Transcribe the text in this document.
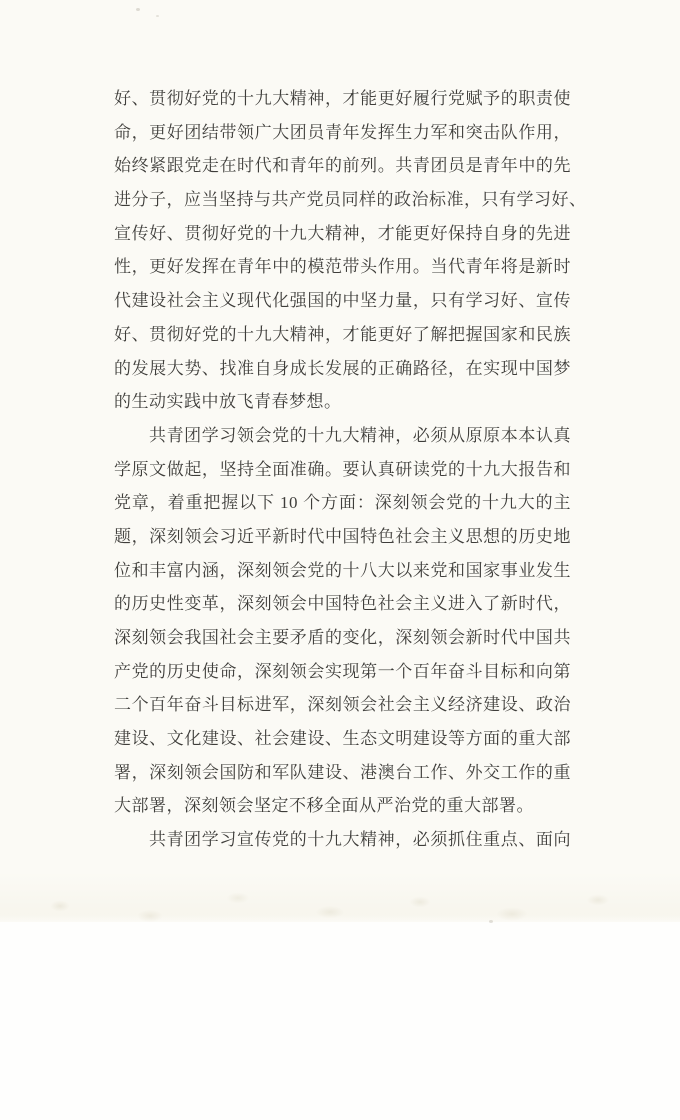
好、贯彻好党的十九大精神，才能更好履行党赋予的职责使
命，更好团结带领广大团员青年发挥生力军和突击队作用，
始终紧跟党走在时代和青年的前列。共青团员是青年中的先
进分子，应当坚持与共产党员同样的政治标准，只有学习好、
宣传好、贯彻好党的十九大精神，才能更好保持自身的先进
性，更好发挥在青年中的模范带头作用。当代青年将是新时
代建设社会主义现代化强国的中坚力量，只有学习好、宣传
好、贯彻好党的十九大精神，才能更好了解把握国家和民族
的发展大势、找准自身成长发展的正确路径，在实现中国梦
的生动实践中放飞青春梦想。
共青团学习领会党的十九大精神，必须从原原本本认真
学原文做起，坚持全面准确。要认真研读党的十九大报告和
党章，着重把握以下 10 个方面：深刻领会党的十九大的主
题，深刻领会习近平新时代中国特色社会主义思想的历史地
位和丰富内涵，深刻领会党的十八大以来党和国家事业发生
的历史性变革，深刻领会中国特色社会主义进入了新时代，
深刻领会我国社会主要矛盾的变化，深刻领会新时代中国共
产党的历史使命，深刻领会实现第一个百年奋斗目标和向第
二个百年奋斗目标进军，深刻领会社会主义经济建设、政治
建设、文化建设、社会建设、生态文明建设等方面的重大部
署，深刻领会国防和军队建设、港澳台工作、外交工作的重
大部署，深刻领会坚定不移全面从严治党的重大部署。
共青团学习宣传党的十九大精神，必须抓住重点、面向
